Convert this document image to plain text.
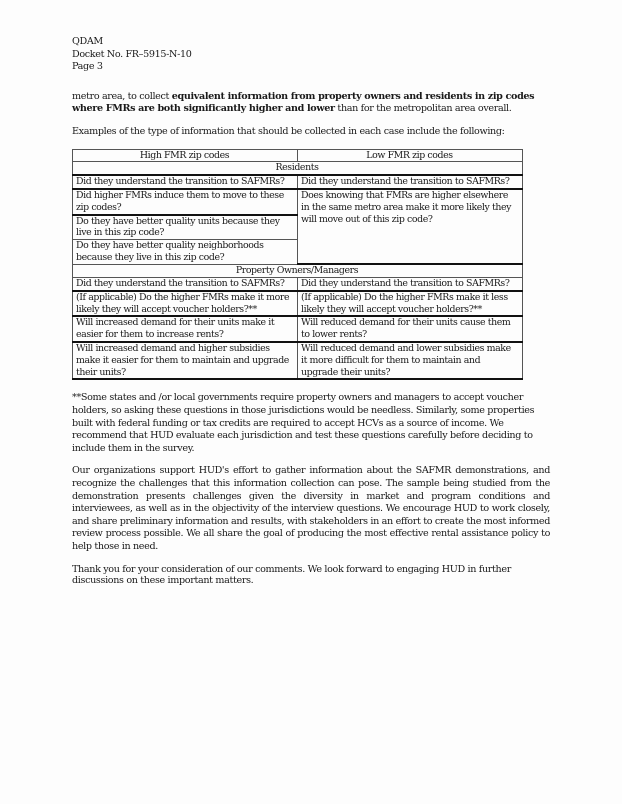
QDAM
Docket No. FR–5915-N-10
Page 3

metro area, to collect equivalent information from property owners and residents in zip codes where FMRs are both significantly higher and lower than for the metropolitan area overall.

Examples of the type of information that should be collected in each case include the following:

High FMR zip codes	Low FMR zip codes
Residents	
Did they understand the transition to SAFMRs?	Did they understand the transition to SAFMRs?
Did higher FMRs induce them to move to these zip codes?	Does knowing that FMRs are higher elsewhere in the same metro area make it more likely they will move out of this zip code?
Do they have better quality units because they live in this zip code?	
Do they have better quality neighborhoods because they live in this zip code?	
Property Owners/Managers	
Did they understand the transition to SAFMRs?	Did they understand the transition to SAFMRs?
(If applicable) Do the higher FMRs make it more likely they will accept voucher holders?**	(If applicable) Do the higher FMRs make it less likely they will accept voucher holders?**
Will increased demand for their units make it easier for them to increase rents?	Will reduced demand for their units cause them to lower rents?
Will increased demand and higher subsidies make it easier for them to maintain and upgrade their units?	Will reduced demand and lower subsidies make it more difficult for them to maintain and upgrade their units?

**Some states and /or local governments require property owners and managers to accept voucher holders, so asking these questions in those jurisdictions would be needless. Similarly, some properties built with federal funding or tax credits are required to accept HCVs as a source of income. We recommend that HUD evaluate each jurisdiction and test these questions carefully before deciding to include them in the survey.

Our organizations support HUD's effort to gather information about the SAFMR demonstrations, and recognize the challenges that this information collection can pose. The sample being studied from the demonstration presents challenges given the diversity in market and program conditions and interviewees, as well as in the objectivity of the interview questions. We encourage HUD to work closely, and share preliminary information and results, with stakeholders in an effort to create the most informed review process possible. We all share the goal of producing the most effective rental assistance policy to help those in need.

Thank you for your consideration of our comments. We look forward to engaging HUD in further discussions on these important matters.
